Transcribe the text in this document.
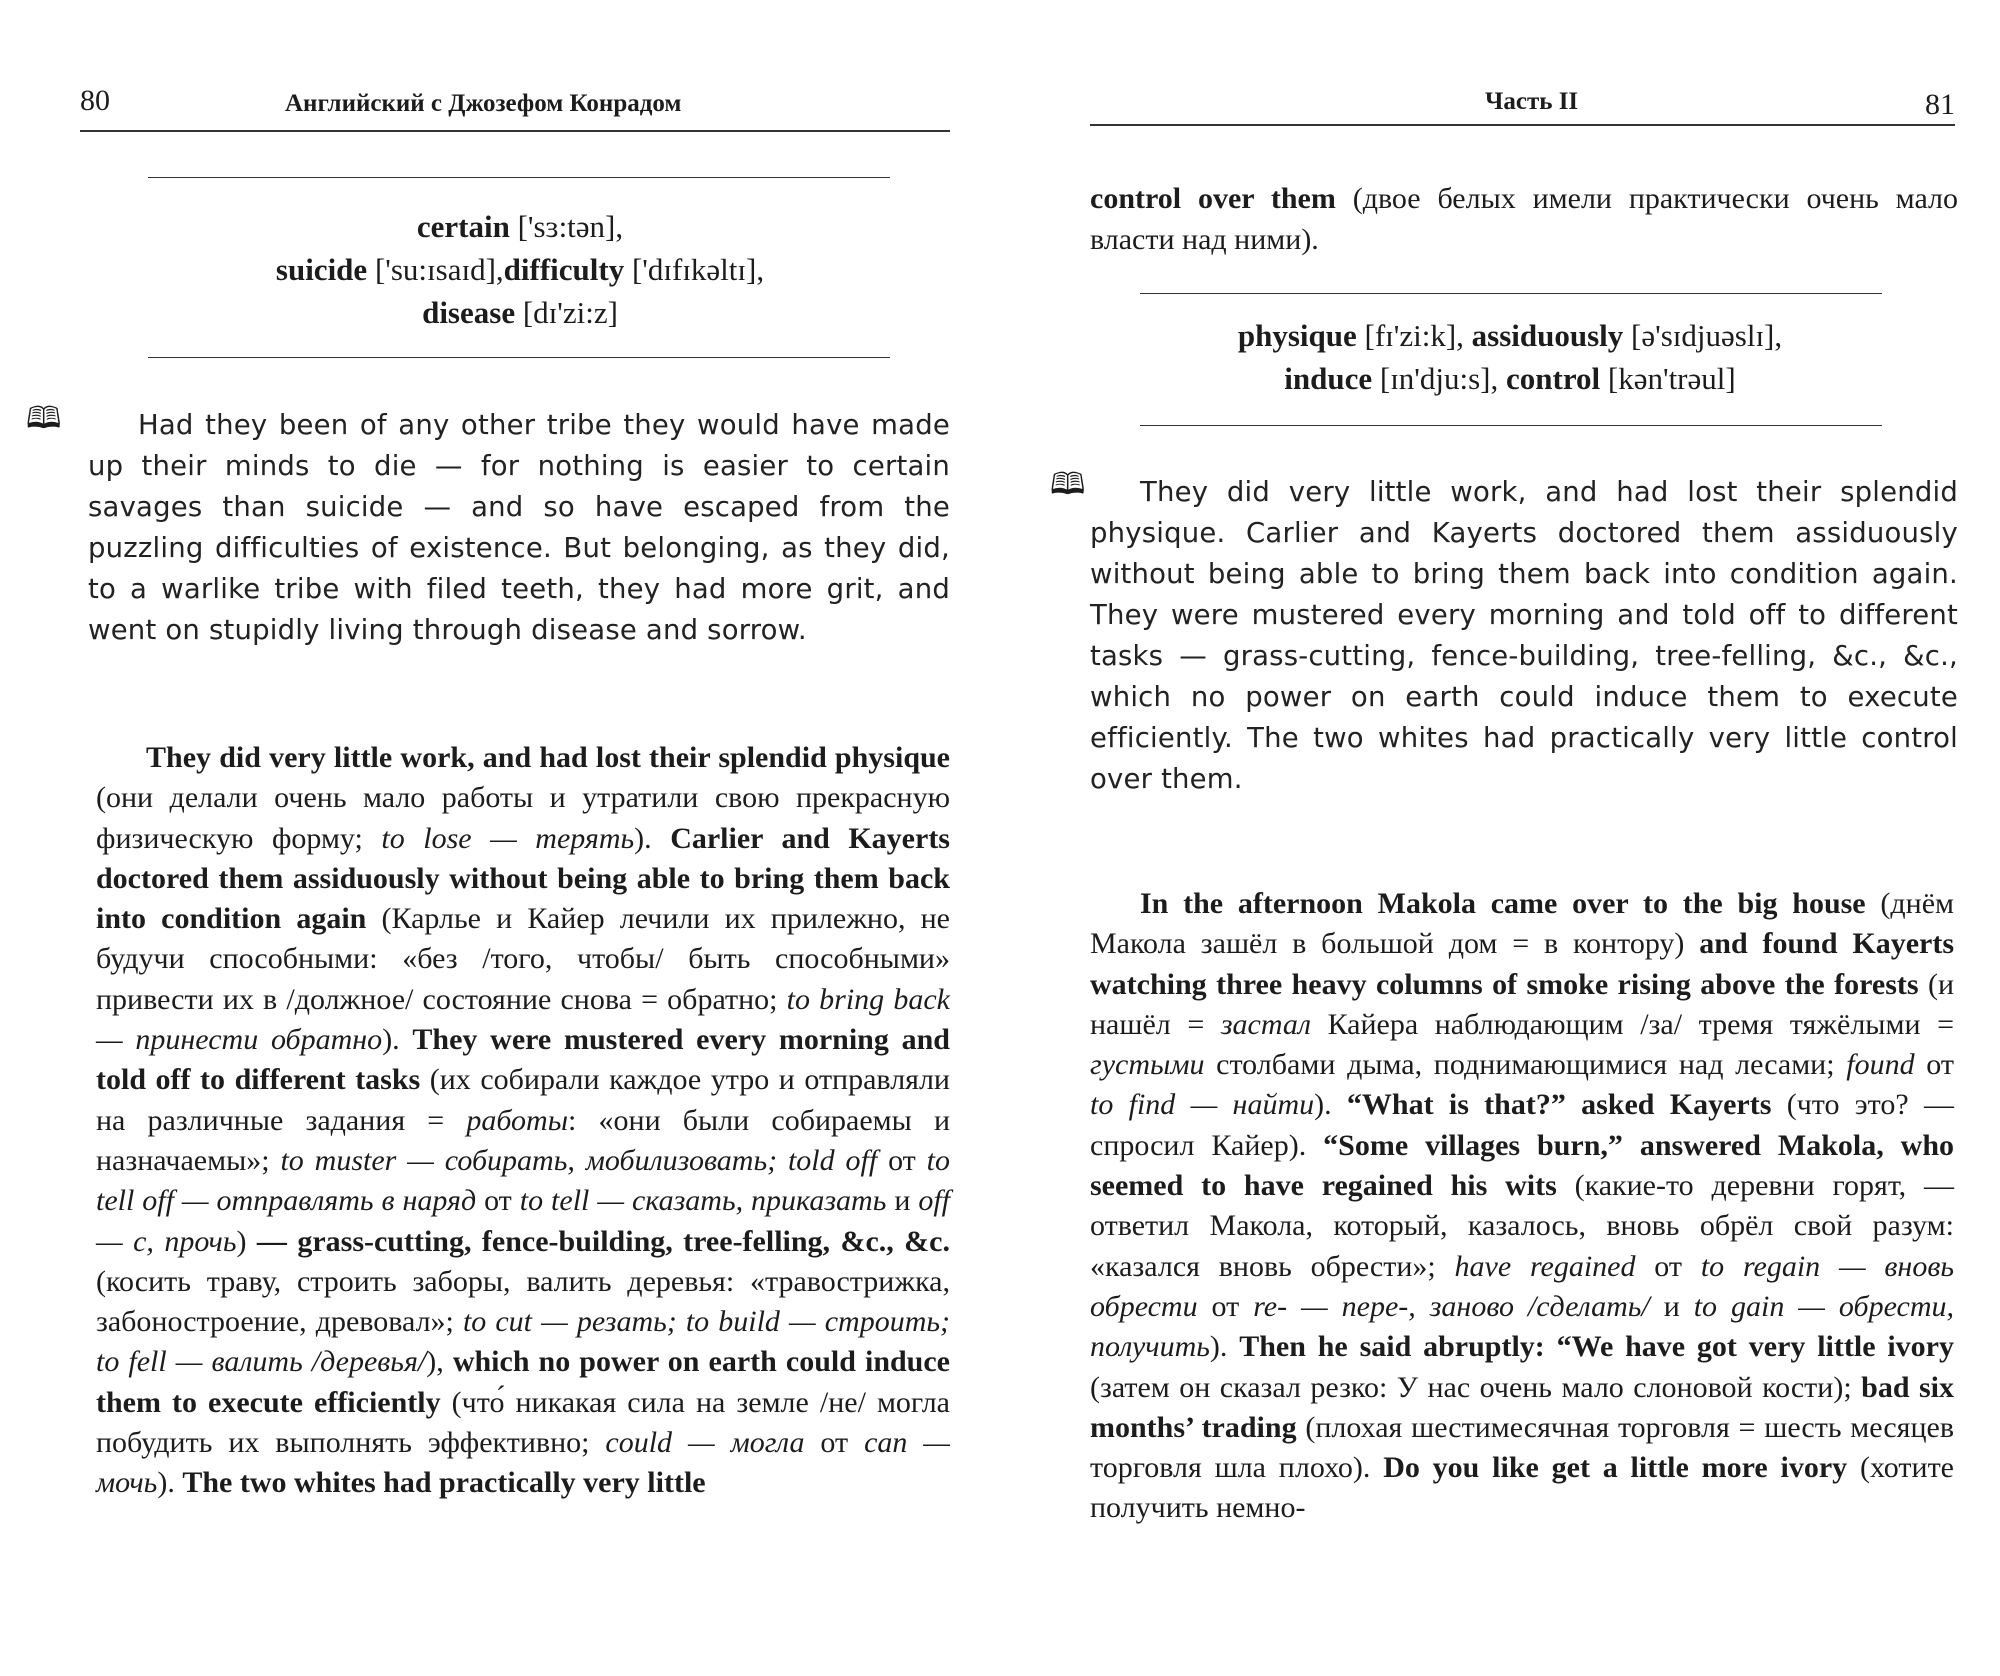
80	Английский с Джозефом Конрадом
certain ['sɜ:tən],
suicide ['su:ɪsaɪd],difficulty ['dɪfɪkəltɪ],
disease [dɪ'zi:z]
🕮	Had they been of any other tribe they would have made up their minds to die — for nothing is easier to certain savages than suicide — and so have escaped from the puzzling difficulties of existence. But belonging, as they did, to a warlike tribe with filed teeth, they had more grit, and went on stupidly living through disease and sorrow.

They did very little work, and had lost their splendid physique (они делали очень мало работы и утратили свою прекрасную физическую форму; to lose — терять). Carlier and Kayerts doctored them assiduously without being able to bring them back into condition again (Карлье и Кайер лечили их прилежно, не будучи способными: «без /того, чтобы/ быть способными» привести их в /должное/ состояние снова = обратно; to bring back — принести обратно). They were mustered every morning and told off to different tasks (их собирали каждое утро и отправляли на различные задания = работы: «они были собираемы и назначаемы»; to muster — собирать, мобилизовать; told off от to tell off — отправлять в наряд от to tell — сказать, приказать и off — с, прочь) — grass-cutting, fence-building, tree-felling, &c., &c. (косить траву, строить заборы, валить деревья: «травострижка, забоностроение, древовал»; to cut — резать; to build — строить; to fell — валить /деревья/), which no power on earth could induce them to execute efficiently (что́ никакая сила на земле /не/ могла побудить их выполнять эффективно; could — могла от can — мочь). The two whites had practically very little

Часть II	81
control over them (двое белых имели практически очень мало власти над ними).
physique [fɪ'zi:k], assiduously [ə'sɪdjuəslɪ],
induce [ɪn'dju:s], control [kən'trəul]
🕮	They did very little work, and had lost their splendid physique. Carlier and Kayerts doctored them assiduously without being able to bring them back into condition again. They were mustered every morning and told off to different tasks — grass-cutting, fence-building, tree-felling, &c., &c., which no power on earth could induce them to execute efficiently. The two whites had practically very little control over them.

In the afternoon Makola came over to the big house (днём Макола зашёл в большой дом = в контору) and found Kayerts watching three heavy columns of smoke rising above the forests (и нашёл = застал Кайера наблюдающим /за/ тремя тяжёлыми = густыми столбами дыма, поднимающимися над лесами; found от to find — найти). “What is that?” asked Kayerts (что это? — спросил Кайер). “Some villages burn,” answered Makola, who seemed to have regained his wits (какие-то деревни горят, — ответил Макола, который, казалось, вновь обрёл свой разум: «казался вновь обрести»; have regained от to regain — вновь обрести от re- — пере-, заново /сделать/ и to gain — обрести, получить). Then he said abruptly: “We have got very little ivory (затем он сказал резко: У нас очень мало слоновой кости); bad six months’ trading (плохая шестимесячная торговля = шесть месяцев торговля шла плохо). Do you like get a little more ivory (хотите получить немно-
